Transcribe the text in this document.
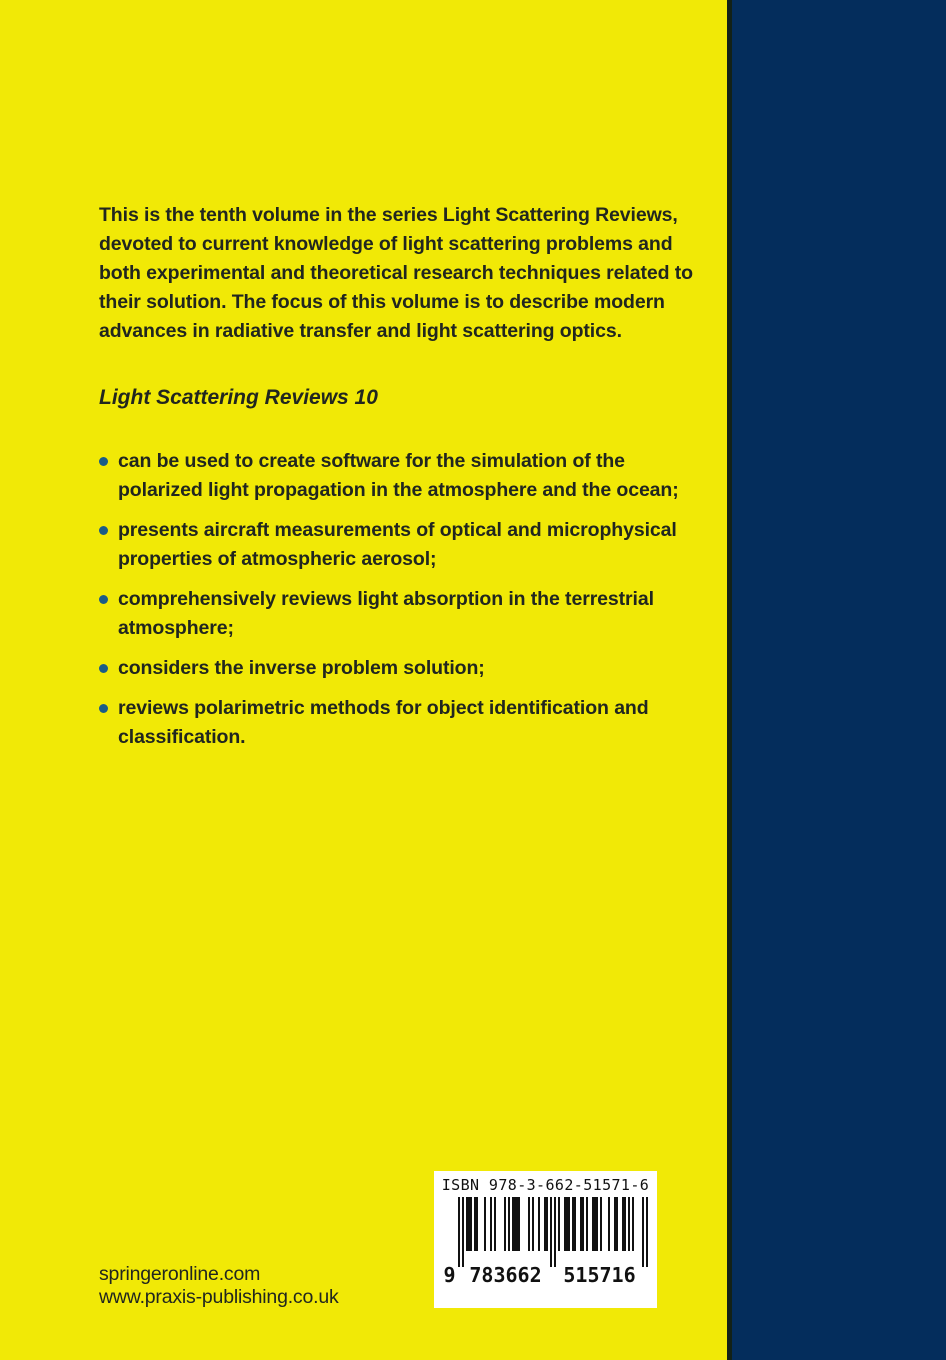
This is the tenth volume in the series Light Scattering Reviews, devoted to current knowledge of light scattering problems and both experimental and theoretical research techniques related to their solution. The focus of this volume is to describe modern advances in radiative transfer and light scattering optics.

Light Scattering Reviews 10

can be used to create software for the simulation of the polarized light propagation in the atmosphere and the ocean;
presents aircraft measurements of optical and microphysical properties of atmospheric aerosol;
comprehensively reviews light absorption in the terrestrial atmosphere;
considers the inverse problem solution;
reviews polarimetric methods for object identification and classification.
ISBN 978-3-662-51571-6
9 783662 515716
springeronline.com
www.praxis-publishing.co.uk
